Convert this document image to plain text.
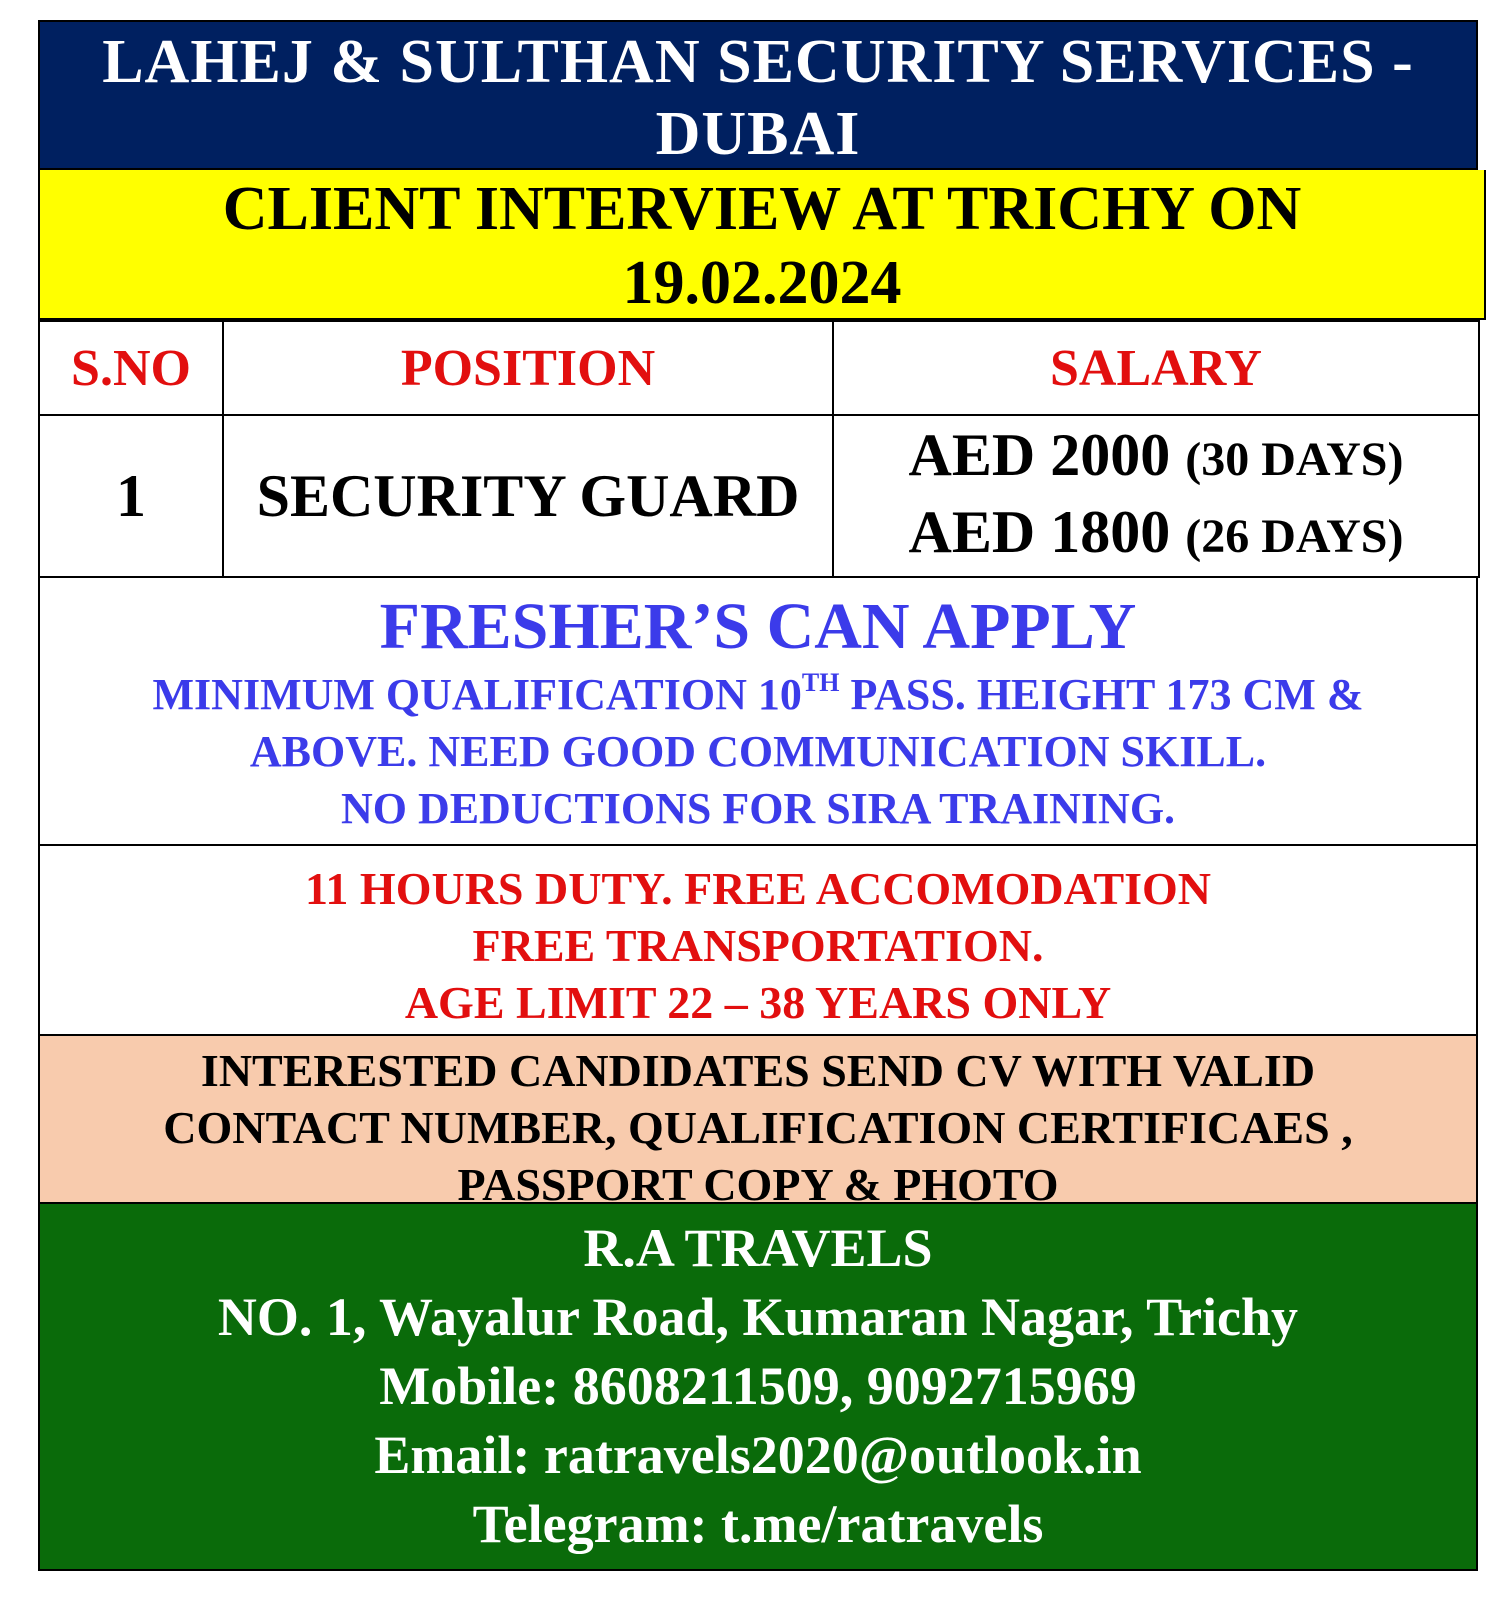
LAHEJ & SULTHAN SECURITY SERVICES -
DUBAI
CLIENT INTERVIEW AT TRICHY ON
19.02.2024
S.NO	POSITION	SALARY
1	SECURITY GUARD	AED 2000 (30 DAYS)
AED 1800 (26 DAYS)
FRESHER’S CAN APPLY
MINIMUM QUALIFICATION 10TH PASS. HEIGHT 173 CM &
ABOVE. NEED GOOD COMMUNICATION SKILL.
NO DEDUCTIONS FOR SIRA TRAINING.
11 HOURS DUTY. FREE ACCOMODATION
FREE TRANSPORTATION.
AGE LIMIT 22 – 38 YEARS ONLY
INTERESTED CANDIDATES SEND CV WITH VALID
CONTACT NUMBER, QUALIFICATION CERTIFICAES ,
PASSPORT COPY & PHOTO
R.A TRAVELS
NO. 1, Wayalur Road, Kumaran Nagar, Trichy
Mobile: 8608211509, 9092715969
Email: ratravels2020@outlook.in
Telegram: t.me/ratravels
